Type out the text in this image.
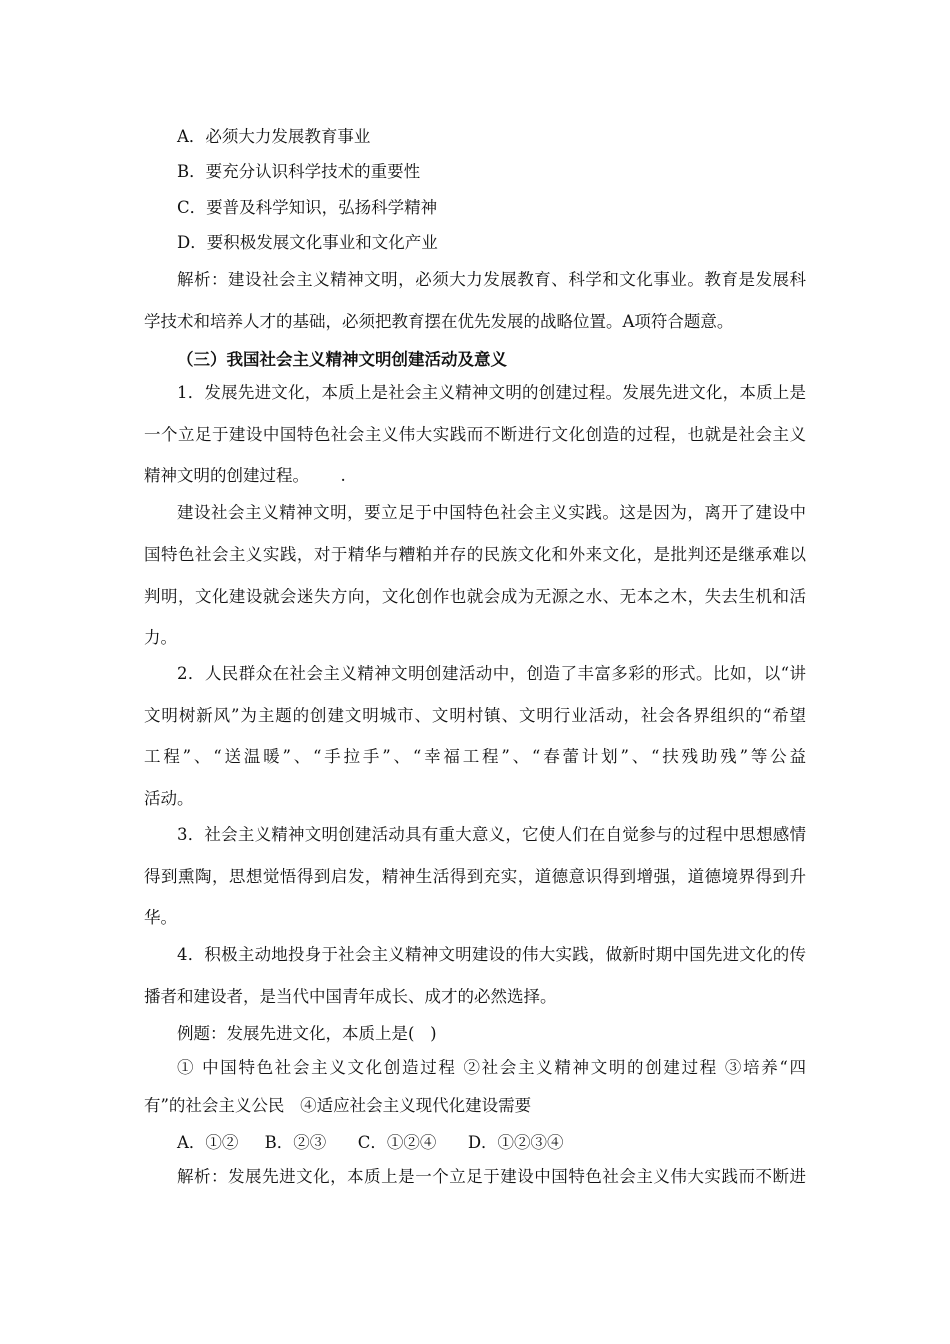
A．必须大力发展教育事业
B．要充分认识科学技术的重要性
C．要普及科学知识，弘扬科学精神
D．要积极发展文化事业和文化产业
解析：建设社会主义精神文明，必须大力发展教育、科学和文化事业。教育是发展科
学技术和培养人才的基础，必须把教育摆在优先发展的战略位置。A项符合题意。
（三）我国社会主义精神文明创建活动及意义
1．发展先进文化，本质上是社会主义精神文明的创建过程。发展先进文化，本质上是
一个立足于建设中国特色社会主义伟大实践而不断进行文化创造的过程，也就是社会主义
精神文明的创建过程。      .
建设社会主义精神文明，要立足于中国特色社会主义实践。这是因为，离开了建设中
国特色社会主义实践，对于精华与糟粕并存的民族文化和外来文化，是批判还是继承难以
判明，文化建设就会迷失方向，文化创作也就会成为无源之水、无本之木，失去生机和活
力。
2．人民群众在社会主义精神文明创建活动中，创造了丰富多彩的形式。比如，以“讲
文明树新风”为主题的创建文明城市、文明村镇、文明行业活动，社会各界组织的“希望
工程”、“送温暖”、“手拉手”、“幸福工程”、“春蕾计划”、“扶残助残”等公益
活动。
3．社会主义精神文明创建活动具有重大意义，它使人们在自觉参与的过程中思想感情
得到熏陶，思想觉悟得到启发，精神生活得到充实，道德意识得到增强，道德境界得到升
华。
4．积极主动地投身于社会主义精神文明建设的伟大实践，做新时期中国先进文化的传
播者和建设者，是当代中国青年成长、成才的必然选择。
例题：发展先进文化，本质上是(   )
① 中国特色社会主义文化创造过程 ②社会主义精神文明的创建过程 ③培养“四
有”的社会主义公民   ④适应社会主义现代化建设需要
A．①②     B．②③      C．①②④      D．①②③④
解析：发展先进文化，本质上是一个立足于建设中国特色社会主义伟大实践而不断进
